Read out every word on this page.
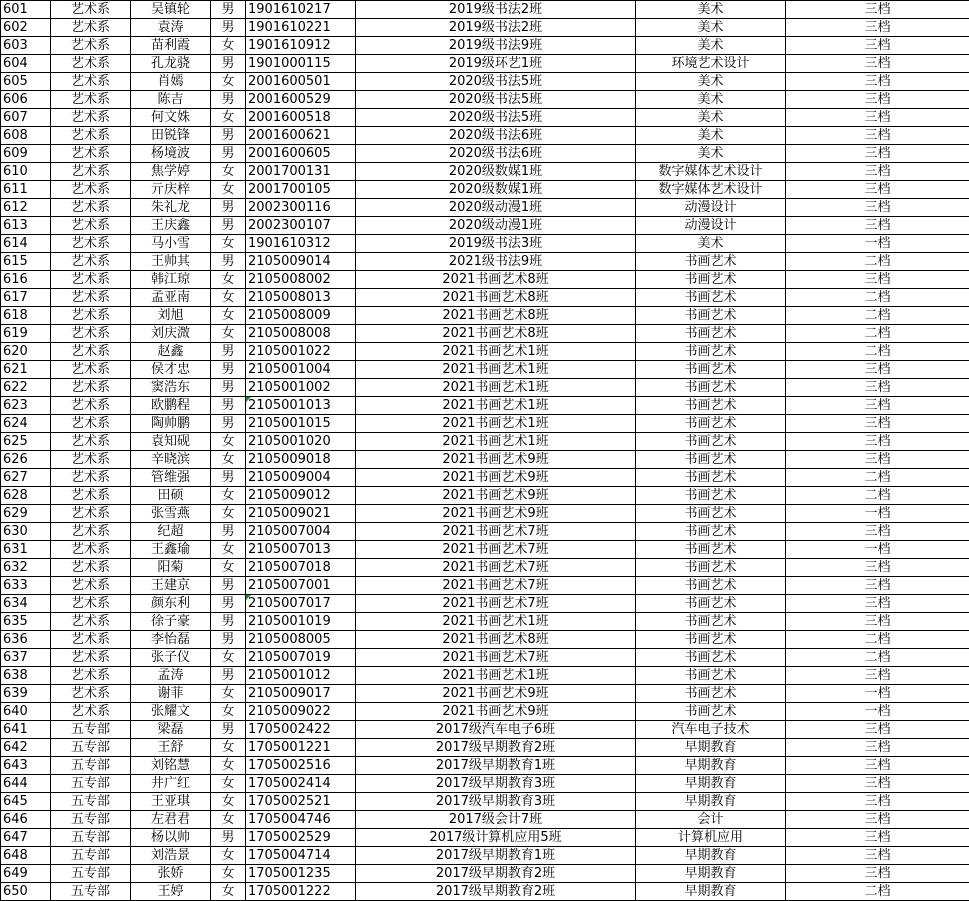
601	艺术系	吴镇轮	男	1901610217	2019级书法2班	美术	三档
602	艺术系	袁涛	男	1901610221	2019级书法2班	美术	三档
603	艺术系	苗利霞	女	1901610912	2019级书法9班	美术	三档
604	艺术系	孔龙骁	男	1901000115	2019级环艺1班	环境艺术设计	三档
605	艺术系	肖嫣	女	2001600501	2020级书法5班	美术	三档
606	艺术系	陈吉	男	2001600529	2020级书法5班	美术	三档
607	艺术系	何文姝	女	2001600518	2020级书法5班	美术	三档
608	艺术系	田锐锋	男	2001600621	2020级书法6班	美术	三档
609	艺术系	杨境波	男	2001600605	2020级书法6班	美术	三档
610	艺术系	焦学婷	女	2001700131	2020级数媒1班	数字媒体艺术设计	三档
611	艺术系	亓庆梓	女	2001700105	2020级数媒1班	数字媒体艺术设计	三档
612	艺术系	朱礼龙	男	2002300116	2020级动漫1班	动漫设计	三档
613	艺术系	王庆鑫	男	2002300107	2020级动漫1班	动漫设计	三档
614	艺术系	马小雪	女	1901610312	2019级书法3班	美术	一档
615	艺术系	王帅其	男	2105009014	2021级书法9班	书画艺术	二档
616	艺术系	韩江琼	女	2105008002	2021书画艺术8班	书画艺术	三档
617	艺术系	孟亚南	女	2105008013	2021书画艺术8班	书画艺术	二档
618	艺术系	刘旭	女	2105008009	2021书画艺术8班	书画艺术	二档
619	艺术系	刘庆溦	女	2105008008	2021书画艺术8班	书画艺术	二档
620	艺术系	赵鑫	男	2105001022	2021书画艺术1班	书画艺术	二档
621	艺术系	侯才忠	男	2105001004	2021书画艺术1班	书画艺术	三档
622	艺术系	窦浩东	男	2105001002	2021书画艺术1班	书画艺术	三档
623	艺术系	欧鹏程	男	2105001013	2021书画艺术1班	书画艺术	三档
624	艺术系	陶帅鹏	男	2105001015	2021书画艺术1班	书画艺术	三档
625	艺术系	袁知砚	女	2105001020	2021书画艺术1班	书画艺术	三档
626	艺术系	辛晓滨	女	2105009018	2021书画艺术9班	书画艺术	三档
627	艺术系	管维强	男	2105009004	2021书画艺术9班	书画艺术	二档
628	艺术系	田硕	女	2105009012	2021书画艺术9班	书画艺术	二档
629	艺术系	张雪燕	女	2105009021	2021书画艺术9班	书画艺术	一档
630	艺术系	纪超	男	2105007004	2021书画艺术7班	书画艺术	三档
631	艺术系	王鑫瑜	女	2105007013	2021书画艺术7班	书画艺术	一档
632	艺术系	阳菊	女	2105007018	2021书画艺术7班	书画艺术	三档
633	艺术系	王建京	男	2105007001	2021书画艺术7班	书画艺术	三档
634	艺术系	颜东利	男	2105007017	2021书画艺术7班	书画艺术	三档
635	艺术系	徐子豪	男	2105001019	2021书画艺术1班	书画艺术	三档
636	艺术系	李怡磊	男	2105008005	2021书画艺术8班	书画艺术	二档
637	艺术系	张子仪	女	2105007019	2021书画艺术7班	书画艺术	二档
638	艺术系	孟涛	男	2105001012	2021书画艺术1班	书画艺术	三档
639	艺术系	谢菲	女	2105009017	2021书画艺术9班	书画艺术	一档
640	艺术系	张耀文	女	2105009022	2021书画艺术9班	书画艺术	一档
641	五专部	梁磊	男	1705002422	2017级汽车电子6班	汽车电子技术	三档
642	五专部	王舒	女	1705001221	2017级早期教育2班	早期教育	三档
643	五专部	刘铭慧	女	1705002516	2017级早期教育1班	早期教育	三档
644	五专部	井广红	女	1705002414	2017级早期教育3班	早期教育	三档
645	五专部	王亚琪	女	1705002521	2017级早期教育3班	早期教育	三档
646	五专部	左君君	女	1705004746	2017级会计7班	会计	三档
647	五专部	杨以帅	男	1705002529	2017级计算机应用5班	计算机应用	三档
648	五专部	刘浩景	女	1705004714	2017级早期教育1班	早期教育	三档
649	五专部	张娇	女	1705001235	2017级早期教育2班	早期教育	三档
650	五专部	王婷	女	1705001222	2017级早期教育2班	早期教育	二档
